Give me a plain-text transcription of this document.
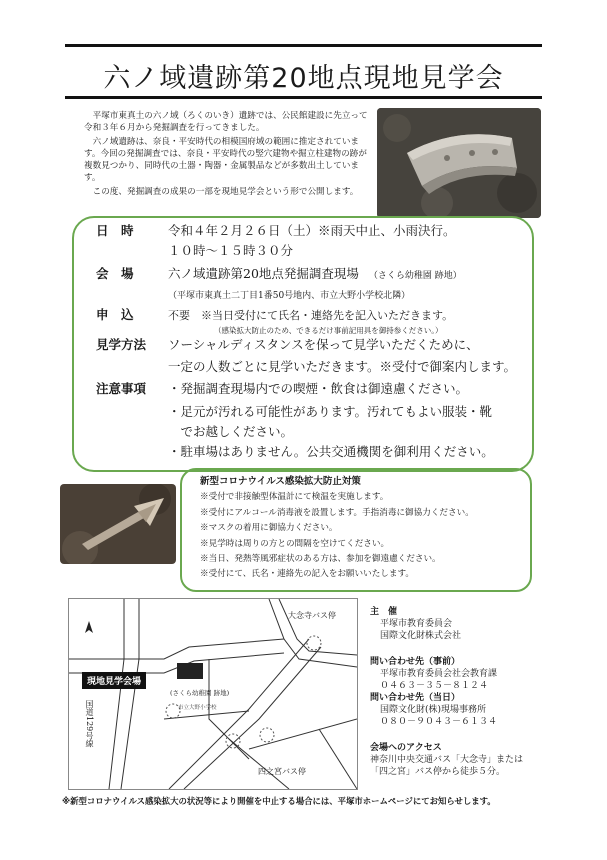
六ノ域遺跡第20地点現地見学会

平塚市東真土の六ノ域（ろくのいき）遺跡では、公民館建設に先立って令和３年６月から発掘調査を行ってきました。

六ノ域遺跡は、奈良・平安時代の相模国府域の範囲に推定されています。今回の発掘調査では、奈良・平安時代の竪穴建物や掘立柱建物の跡が複数見つかり、同時代の土器・陶器・金属製品などが多数出土しています。

この度、発掘調査の成果の一部を現地見学会という形で公開します。

日　時	令和４年２月２６日（土）※雨天中止、小雨決行。
１０時～１５時３０分
会　場	六ノ域遺跡第20地点発掘調査現場 （さくら幼稚園 跡地）
（平塚市東真土二丁目1番50号地内、市立大野小学校北隣）
申　込	不要　※当日受付にて氏名・連絡先を記入いただきます。
（感染拡大防止のため、できるだけ事前記用具を御持参ください。）
見学方法 ソーシャルディスタンスを保って見学いただくために、
一定の人数ごとに見学いただきます。※受付で御案内します。
注意事項 ・発掘調査現場内での喫煙・飲食は御遠慮ください。
・足元が汚れる可能性があります。汚れてもよい服装・靴
　でお越しください。
・駐車場はありません。公共交通機関を御利用ください。
新型コロナウイルス感染拡大防止対策
※受付で非接触型体温計にて検温を実施します。
※受付にアルコール消毒液を設置します。手指消毒に御協力ください。
※マスクの着用に御協力ください。
※見学時は周りの方との間隔を空けてください。
※当日、発熱等風邪症状のある方は、参加を御遠慮ください。
※受付にて、氏名・連絡先の記入をお願いいたします。
現地見学会場
(さくら幼稚園 跡地)
市立大野小学校
国道129号線
大念寺バス停
四之宮バス停
主　催
平塚市教育委員会
国際文化財株式会社
問い合わせ先（事前）
平塚市教育委員会社会教育課
０４６３－３５－８１２４
問い合わせ先（当日）
国際文化財(株)現場事務所
０８０－９０４３－６１３４
会場へのアクセス
神奈川中央交通バス「大念寺」または
「四之宮」バス停から徒歩５分。
※新型コロナウイルス感染拡大の状況等により開催を中止する場合には、平塚市ホームページにてお知らせします。
